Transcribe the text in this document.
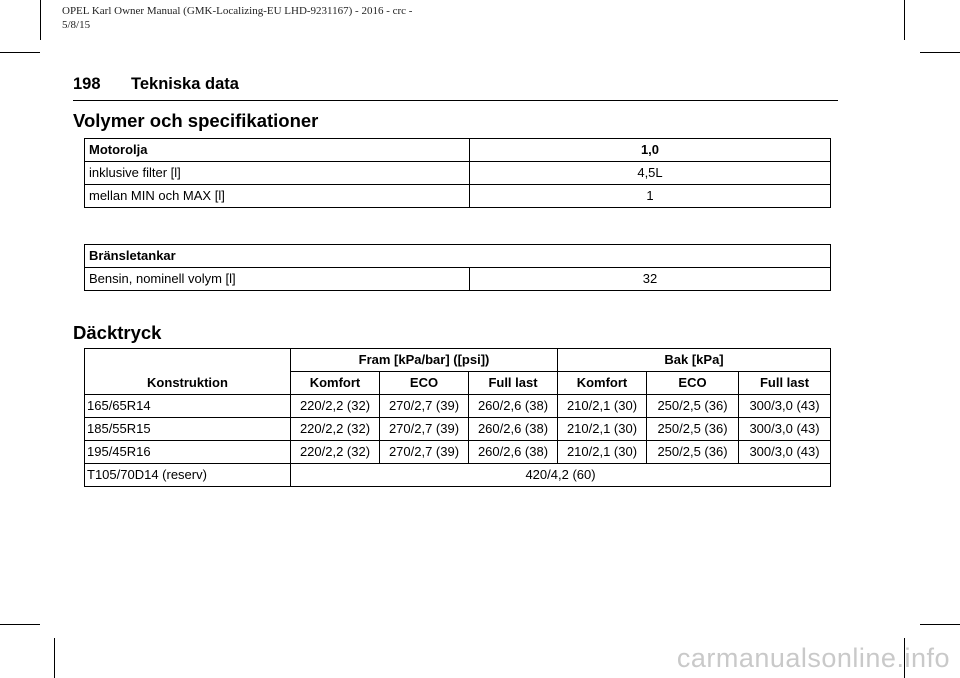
OPEL Karl Owner Manual (GMK-Localizing-EU LHD-9231167) - 2016 - crc -
5/8/15
198 Tekniska data
Volymer och specifikationer
Motorolja	1,0
inklusive filter [l]	4,5L
mellan MIN och MAX [l]	1
Bränsletankar
Bensin, nominell volym [l]	32
Däcktryck
Konstruktion	Fram [kPa/bar] ([psi])			Bak [kPa]		
	Komfort	ECO	Full last	Komfort	ECO	Full last
165/65R14	220/2,2 (32)	270/2,7 (39)	260/2,6 (38)	210/2,1 (30)	250/2,5 (36)	300/3,0 (43)
185/55R15	220/2,2 (32)	270/2,7 (39)	260/2,6 (38)	210/2,1 (30)	250/2,5 (36)	300/3,0 (43)
195/45R16	220/2,2 (32)	270/2,7 (39)	260/2,6 (38)	210/2,1 (30)	250/2,5 (36)	300/3,0 (43)
T105/70D14 (reserv)	420/4,2 (60)					
carmanualsonline.info
